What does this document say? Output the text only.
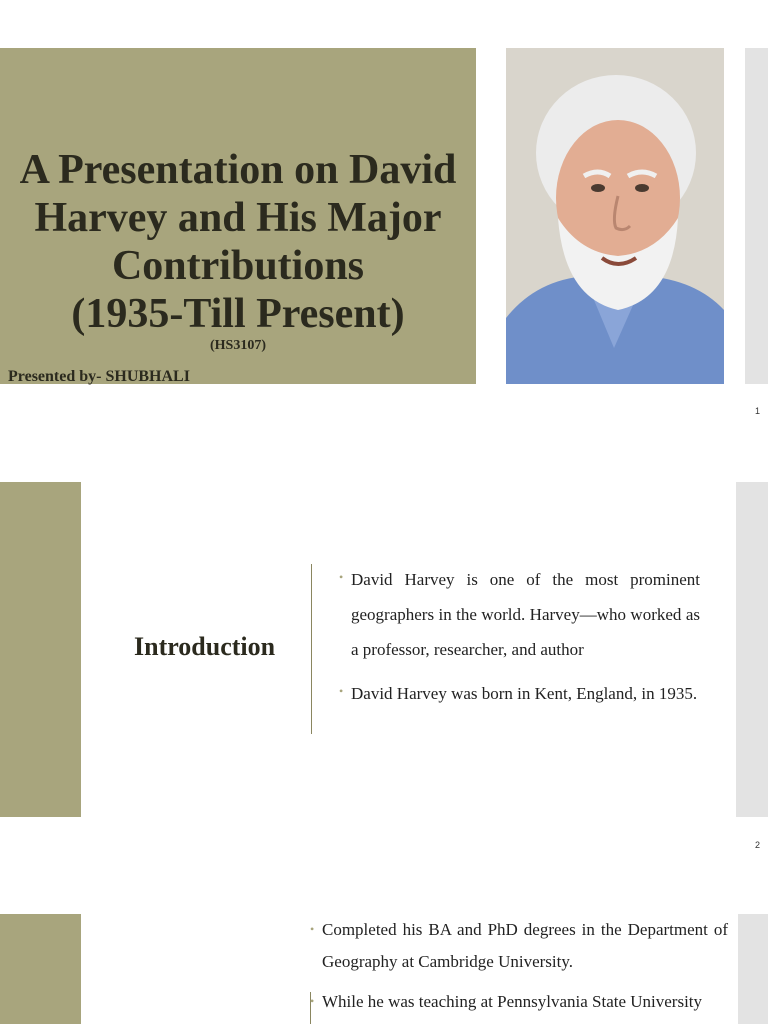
A Presentation on David
Harvey and His Major
Contributions
(1935-Till Present)
(HS3107)
Presented by- SHUBHALI
1
Introduction
• David Harvey is one of the most prominent geographers in the world. Harvey—who worked as a professor, researcher, and author
• David Harvey was born in Kent, England, in 1935.
2
• Completed his BA and PhD degrees in the Department of Geography at Cambridge University.
• While he was teaching at Pennsylvania State University
